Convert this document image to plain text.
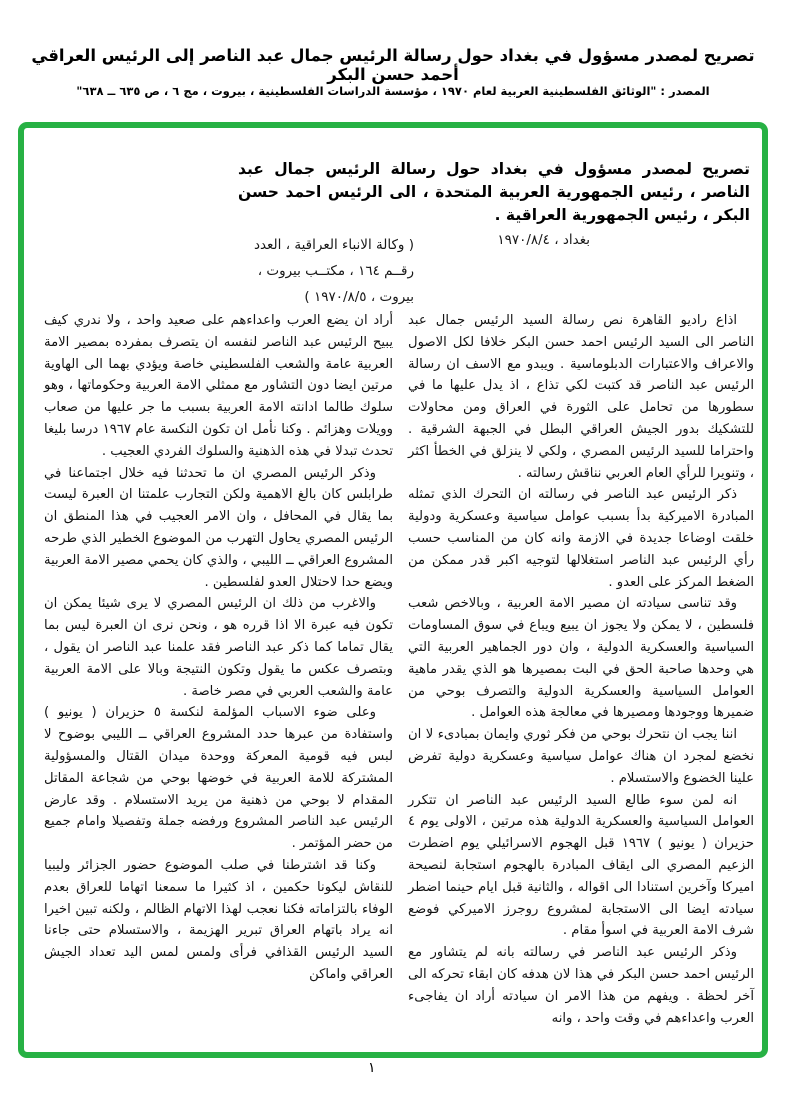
تصريح لمصدر مسؤول في بغداد حول رسالة الرئيس جمال عبد الناصر إلى الرئيس العراقي أحمد حسن البكر
المصدر : "الوثائق الفلسطينية العربية لعام ١٩٧٠ ، مؤسسة الدراسات الفلسطينية ، بيروت ، مج ٦ ، ص ٦٣٥ ــ ٦٣٨"
تصريح لمصدر مسؤول في بغداد حول رسالة الرئيس جمال عبد الناصر ، رئيس الجمهورية العربية المتحدة ، الى الرئيس احمد حسن البكر ، رئيس الجمهورية العراقية .
بغداد ، ١٩٧٠/٨/٤
( وكالة الانباء العراقية ، العدد
رقــم ١٦٤ ، مكتــب بيروت ،
بيروت ، ١٩٧٠/٨/٥ )

اذاع راديو القاهرة نص رسالة السيد الرئيس جمال عبد الناصر الى السيد الرئيس احمد حسن البكر خلافا لكل الاصول والاعراف والاعتبارات الدبلوماسية . ويبدو مع الاسف ان رسالة الرئيس عبد الناصر قد كتبت لكي تذاع ، اذ يدل عليها ما في سطورها من تحامل على الثورة في العراق ومن محاولات للتشكيك بدور الجيش العراقي البطل في الجبهة الشرقية . واحتراما للسيد الرئيس المصري ، ولكي لا ينزلق في الخطأ اكثر ، وتنويرا للرأي العام العربي نناقش رسالته .

ذكر الرئيس عبد الناصر في رسالته ان التحرك الذي تمثله المبادرة الاميركية بدأ بسبب عوامل سياسية وعسكرية ودولية خلقت اوضاعا جديدة في الازمة وانه كان من المناسب حسب رأي الرئيس عبد الناصر استغلالها لتوجيه اكبر قدر ممكن من الضغط المركز على العدو .

وقد تناسى سيادته ان مصير الامة العربية ، وبالاخص شعب فلسطين ، لا يمكن ولا يجوز ان يبيع ويباع في سوق المساومات السياسية والعسكرية الدولية ، وان دور الجماهير العربية التي هي وحدها صاحبة الحق في البت بمصيرها هو الذي يقدر ماهية العوامل السياسية والعسكرية الدولية والتصرف بوحي من ضميرها ووجودها ومصيرها في معالجة هذه العوامل .

اننا يجب ان نتحرك بوحي من فكر ثوري وايمان بمبادىء لا ان نخضع لمجرد ان هناك عوامل سياسية وعسكرية دولية تفرض علينا الخضوع والاستسلام .

انه لمن سوء طالع السيد الرئيس عبد الناصر ان تتكرر العوامل السياسية والعسكرية الدولية هذه مرتين ، الاولى يوم ٤ حزيران ( يونيو ) ١٩٦٧ قبل الهجوم الاسرائيلي يوم اضطرت الزعيم المصري الى ايقاف المبادرة بالهجوم استجابة لنصيحة اميركا وآخرين استنادا الى اقواله ، والثانية قبل ايام حينما اضطر سيادته ايضا الى الاستجابة لمشروع روجرز الاميركي فوضع شرف الامة العربية في اسوأ مقام .

وذكر الرئيس عبد الناصر في رسالته بانه لم يتشاور مع الرئيس احمد حسن البكر في هذا لان هدفه كان ابقاء تحركه الى آخر لحظة . ويفهم من هذا الامر ان سيادته أراد ان يفاجىء العرب واعداءهم في وقت واحد ، وانه

أراد ان يضع العرب واعداءهم على صعيد واحد ، ولا ندري كيف يبيح الرئيس عبد الناصر لنفسه ان يتصرف بمفرده بمصير الامة العربية عامة والشعب الفلسطيني خاصة ويؤدي بهما الى الهاوية مرتين ايضا دون التشاور مع ممثلي الامة العربية وحكوماتها ، وهو سلوك طالما ادانته الامة العربية بسبب ما جر عليها من صعاب وويلات وهزائم . وكنا نأمل ان تكون النكسة عام ١٩٦٧ درسا بليغا تحدث تبدلا في هذه الذهنية والسلوك الفردي العجيب .

وذكر الرئيس المصري ان ما تحدثنا فيه خلال اجتماعنا في طرابلس كان بالغ الاهمية ولكن التجارب علمتنا ان العبرة ليست بما يقال في المحافل ، وان الامر العجيب في هذا المنطق ان الرئيس المصري يحاول التهرب من الموضوع الخطير الذي طرحه المشروع العراقي ــ الليبي ، والذي كان يحمي مصير الامة العربية ويضع حدا لاحتلال العدو لفلسطين .

والاغرب من ذلك ان الرئيس المصري لا يرى شيئا يمكن ان تكون فيه عبرة الا اذا قرره هو ، ونحن نرى ان العبرة ليس بما يقال تماما كما ذكر عبد الناصر فقد علمنا عبد الناصر ان يقول ، وبتصرف عكس ما يقول وتكون النتيجة وبالا على الامة العربية عامة والشعب العربي في مصر خاصة .

وعلى ضوء الاسباب المؤلمة لنكسة ٥ حزيران ( يونيو ) واستفادة من عبرها حدد المشروع العراقي ــ الليبي بوضوح لا لبس فيه قومية المعركة ووحدة ميدان القتال والمسؤولية المشتركة للامة العربية في خوضها بوحي من شجاعة المقاتل المقدام لا بوحي من ذهنية من يريد الاستسلام . وقد عارض الرئيس عبد الناصر المشروع ورفضه جملة وتفصيلا وامام جميع من حضر المؤتمر .

وكنا قد اشترطنا في صلب الموضوع حضور الجزائر وليبيا للنقاش ليكونا حكمين ، اذ كثيرا ما سمعنا اتهاما للعراق بعدم الوفاء بالتزاماته فكنا نعجب لهذا الاتهام الظالم ، ولكنه تبين اخيرا انه يراد باتهام العراق تبرير الهزيمة ، والاستسلام حتى جاءنا السيد الرئيس القذافي فرأى ولمس لمس اليد تعداد الجيش العراقي واماكن

١
